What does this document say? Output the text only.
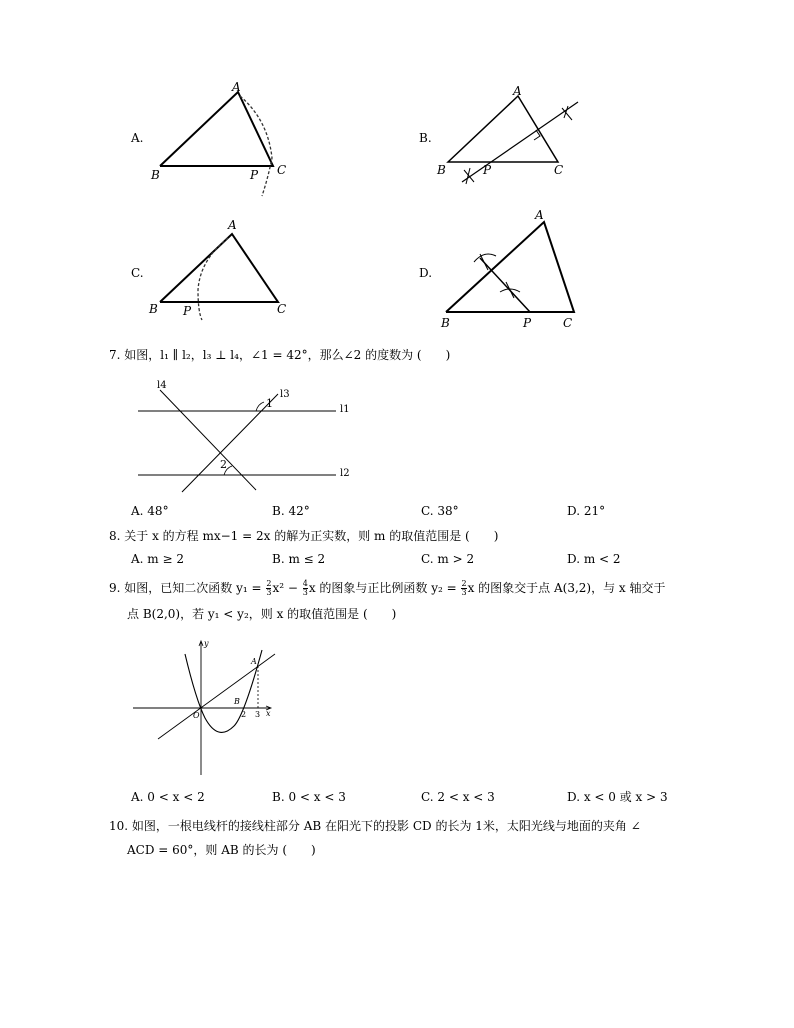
A.
A
B	P C
B.
A
B	P	C
C.
A
B P	C
D.
A
B	P	C
7. 如图，l₁ ∥ l₂，l₃ ⊥ l₄，∠1 = 42°，那么∠2 的度数为 (　　)
l4
l3
l1
l2
1
2
A. 48°	B. 42°	C. 38°	D. 21°
8. 关于 x 的方程 mx−1 = 2x 的解为正实数，则 m 的取值范围是 (　　)
A. m ≥ 2	B. m ≤ 2	C. m > 2	D. m < 2
9. 如图，已知二次函数 $y_1 = \frac{2}{3} x^2 - \frac{4}{3}$ x 的图象与正比例函数 $y_2 = \frac{2}{3}$ x 的图象交于点 A(3,2)，与 x 轴交于
点 B(2,0)，若 y₁ < y₂，则 x 的取值范围是 (　　)
y
x
O
A
B
2 3
A. 0 < x < 2	B. 0 < x < 3	C. 2 < x < 3	D. x < 0 或 x > 3
10. 如图，一根电线杆的接线柱部分 AB 在阳光下的投影 CD 的长为 1米，太阳光线与地面的夹角 ∠
ACD = 60°，则 AB 的长为 (　　)
